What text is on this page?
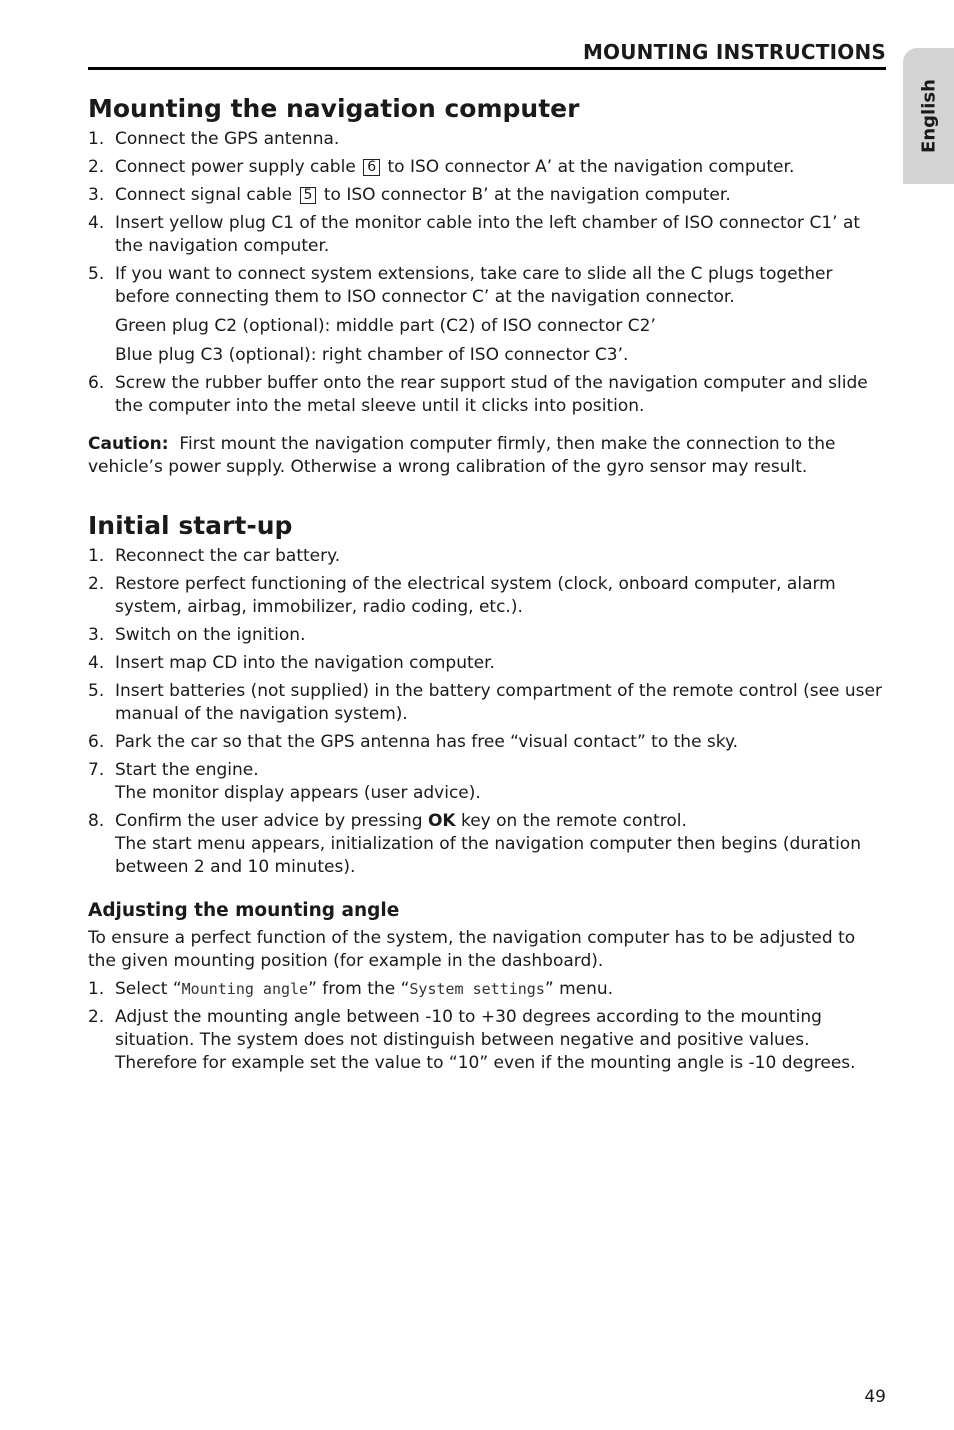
MOUNTING INSTRUCTIONS
English
Mounting the navigation computer
1. Connect the GPS antenna.
2. Connect power supply cable 6 to ISO connector A’ at the navigation computer.
3. Connect signal cable 5 to ISO connector B’ at the navigation computer.
4. Insert yellow plug C1 of the monitor cable into the left chamber of ISO connector C1’ at the navigation computer.
5. If you want to connect system extensions, take care to slide all the C plugs together before connecting them to ISO connector C’ at the navigation connector.
Green plug C2 (optional): middle part (C2) of ISO connector C2’
Blue plug C3 (optional): right chamber of ISO connector C3’.
6. Screw the rubber buffer onto the rear support stud of the navigation computer and slide the computer into the metal sleeve until it clicks into position.

Caution: First mount the navigation computer firmly, then make the connection to the vehicle’s power supply. Otherwise a wrong calibration of the gyro sensor may result.

Initial start-up
1. Reconnect the car battery.
2. Restore perfect functioning of the electrical system (clock, onboard computer, alarm system, airbag, immobilizer, radio coding, etc.).
3. Switch on the ignition.
4. Insert map CD into the navigation computer.
5. Insert batteries (not supplied) in the battery compartment of the remote control (see user manual of the navigation system).
6. Park the car so that the GPS antenna has free “visual contact” to the sky.
7. Start the engine.
The monitor display appears (user advice).
8. Confirm the user advice by pressing OK key on the remote control.
The start menu appears, initialization of the navigation computer then begins (duration between 2 and 10 minutes).
Adjusting the mounting angle

To ensure a perfect function of the system, the navigation computer has to be adjusted to the given mounting position (for example in the dashboard).

1. Select “Mounting angle” from the “System settings” menu.
2. Adjust the mounting angle between -10 to +30 degrees according to the mounting situation. The system does not distinguish between negative and positive values. Therefore for example set the value to “10” even if the mounting angle is -10 degrees.
49
